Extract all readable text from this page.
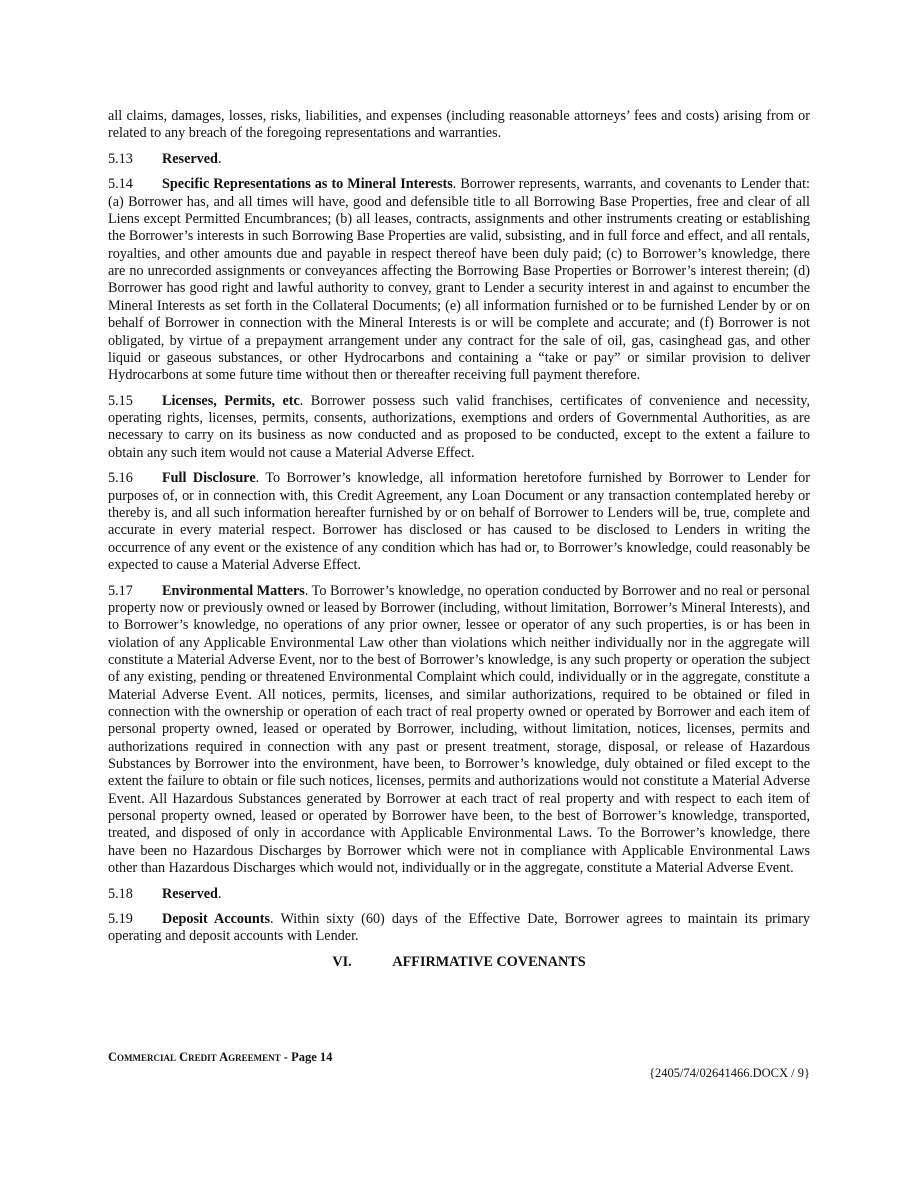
all claims, damages, losses, risks, liabilities, and expenses (including reasonable attorneys’ fees and costs) arising from or related to any breach of the foregoing representations and warranties.

5.13 Reserved.

5.14 Specific Representations as to Mineral Interests. Borrower represents, warrants, and covenants to Lender that: (a) Borrower has, and all times will have, good and defensible title to all Borrowing Base Properties, free and clear of all Liens except Permitted Encumbrances; (b) all leases, contracts, assignments and other instruments creating or establishing the Borrower’s interests in such Borrowing Base Properties are valid, subsisting, and in full force and effect, and all rentals, royalties, and other amounts due and payable in respect thereof have been duly paid; (c) to Borrower’s knowledge, there are no unrecorded assignments or conveyances affecting the Borrowing Base Properties or Borrower’s interest therein; (d) Borrower has good right and lawful authority to convey, grant to Lender a security interest in and against to encumber the Mineral Interests as set forth in the Collateral Documents; (e) all information furnished or to be furnished Lender by or on behalf of Borrower in connection with the Mineral Interests is or will be complete and accurate; and (f) Borrower is not obligated, by virtue of a prepayment arrangement under any contract for the sale of oil, gas, casinghead gas, and other liquid or gaseous substances, or other Hydrocarbons and containing a “take or pay” or similar provision to deliver Hydrocarbons at some future time without then or thereafter receiving full payment therefore.

5.15 Licenses, Permits, etc. Borrower possess such valid franchises, certificates of convenience and necessity, operating rights, licenses, permits, consents, authorizations, exemptions and orders of Governmental Authorities, as are necessary to carry on its business as now conducted and as proposed to be conducted, except to the extent a failure to obtain any such item would not cause a Material Adverse Effect.

5.16 Full Disclosure. To Borrower’s knowledge, all information heretofore furnished by Borrower to Lender for purposes of, or in connection with, this Credit Agreement, any Loan Document or any transaction contemplated hereby or thereby is, and all such information hereafter furnished by or on behalf of Borrower to Lenders will be, true, complete and accurate in every material respect. Borrower has disclosed or has caused to be disclosed to Lenders in writing the occurrence of any event or the existence of any condition which has had or, to Borrower’s knowledge, could reasonably be expected to cause a Material Adverse Effect.

5.17 Environmental Matters. To Borrower’s knowledge, no operation conducted by Borrower and no real or personal property now or previously owned or leased by Borrower (including, without limitation, Borrower’s Mineral Interests), and to Borrower’s knowledge, no operations of any prior owner, lessee or operator of any such properties, is or has been in violation of any Applicable Environmental Law other than violations which neither individually nor in the aggregate will constitute a Material Adverse Event, nor to the best of Borrower’s knowledge, is any such property or operation the subject of any existing, pending or threatened Environmental Complaint which could, individually or in the aggregate, constitute a Material Adverse Event. All notices, permits, licenses, and similar authorizations, required to be obtained or filed in connection with the ownership or operation of each tract of real property owned or operated by Borrower and each item of personal property owned, leased or operated by Borrower, including, without limitation, notices, licenses, permits and authorizations required in connection with any past or present treatment, storage, disposal, or release of Hazardous Substances by Borrower into the environment, have been, to Borrower’s knowledge, duly obtained or filed except to the extent the failure to obtain or file such notices, licenses, permits and authorizations would not constitute a Material Adverse Event. All Hazardous Substances generated by Borrower at each tract of real property and with respect to each item of personal property owned, leased or operated by Borrower have been, to the best of Borrower’s knowledge, transported, treated, and disposed of only in accordance with Applicable Environmental Laws. To the Borrower’s knowledge, there have been no Hazardous Discharges by Borrower which were not in compliance with Applicable Environmental Laws other than Hazardous Discharges which would not, individually or in the aggregate, constitute a Material Adverse Event.

5.18 Reserved.

5.19 Deposit Accounts. Within sixty (60) days of the Effective Date, Borrower agrees to maintain its primary operating and deposit accounts with Lender.

VI.	AFFIRMATIVE COVENANTS
Commercial Credit Agreement - Page 14
{2405/74/02641466.DOCX / 9}
